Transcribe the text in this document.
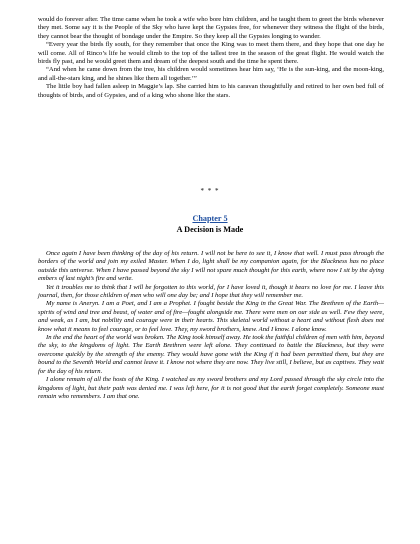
would do forever after. The time came when he took a wife who bore him children, and he taught them to greet the birds whenever they met. Some say it is the People of the Sky who have kept the Gypsies free, for whenever they witness the flight of the birds, they cannot bear the thought of bondage under the Empire. So they keep all the Gypsies longing to wander.

“Every year the birds fly south, for they remember that once the King was to meet them there, and they hope that one day he will come. All of Rinco’s life he would climb to the top of the tallest tree in the season of the great flight. He would watch the birds fly past, and he would greet them and dream of the deepest south and the time he spent there.

“And when he came down from the tree, his children would sometimes hear him say, ‘He is the sun-king, and the moon-king, and all-the-stars king, and he shines like them all together.’”

The little boy had fallen asleep in Maggie’s lap. She carried him to his caravan thoughtfully and retired to her own bed full of thoughts of birds, and of Gypsies, and of a king who shone like the stars.

* * *
Chapter 5
A Decision is Made

Once again I have been thinking of the day of his return. I will not be here to see it, I know that well. I must pass through the borders of the world and join my exiled Master. When I do, light shall be my companion again, for the Blackness has no place outside this universe. When I have passed beyond the sky I will not spare much thought for this earth, where now I sit by the dying embers of last night’s fire and write.

Yet it troubles me to think that I will be forgotten to this world, for I have loved it, though it bears no love for me. I leave this journal, then, for those children of men who will one day be; and I hope that they will remember me.

My name is Aneryn. I am a Poet, and I am a Prophet. I fought beside the King in the Great War. The Brethren of the Earth—spirits of wind and tree and beast, of water and of fire—fought alongside me. There were men on our side as well. Few they were, and weak, as I am, but nobility and courage were in their hearts. This skeletal world without a heart and without flesh does not know what it means to feel courage, or to feel love. They, my sword brothers, knew. And I know. I alone know.

In the end the heart of the world was broken. The King took himself away. He took the faithful children of men with him, beyond the sky, to the kingdoms of light. The Earth Brethren were left alone. They continued to battle the Blackness, but they were overcome quickly by the strength of the enemy. They would have gone with the King if it had been permitted them, but they are bound to the Seventh World and cannot leave it. I know not where they are now. They live still, I believe, but as captives. They wait for the day of his return.

I alone remain of all the hosts of the King. I watched as my sword brothers and my Lord passed through the sky circle into the kingdoms of light, but their path was denied me. I was left here, for it is not good that the earth forget completely. Someone must remain who remembers. I am that one.
